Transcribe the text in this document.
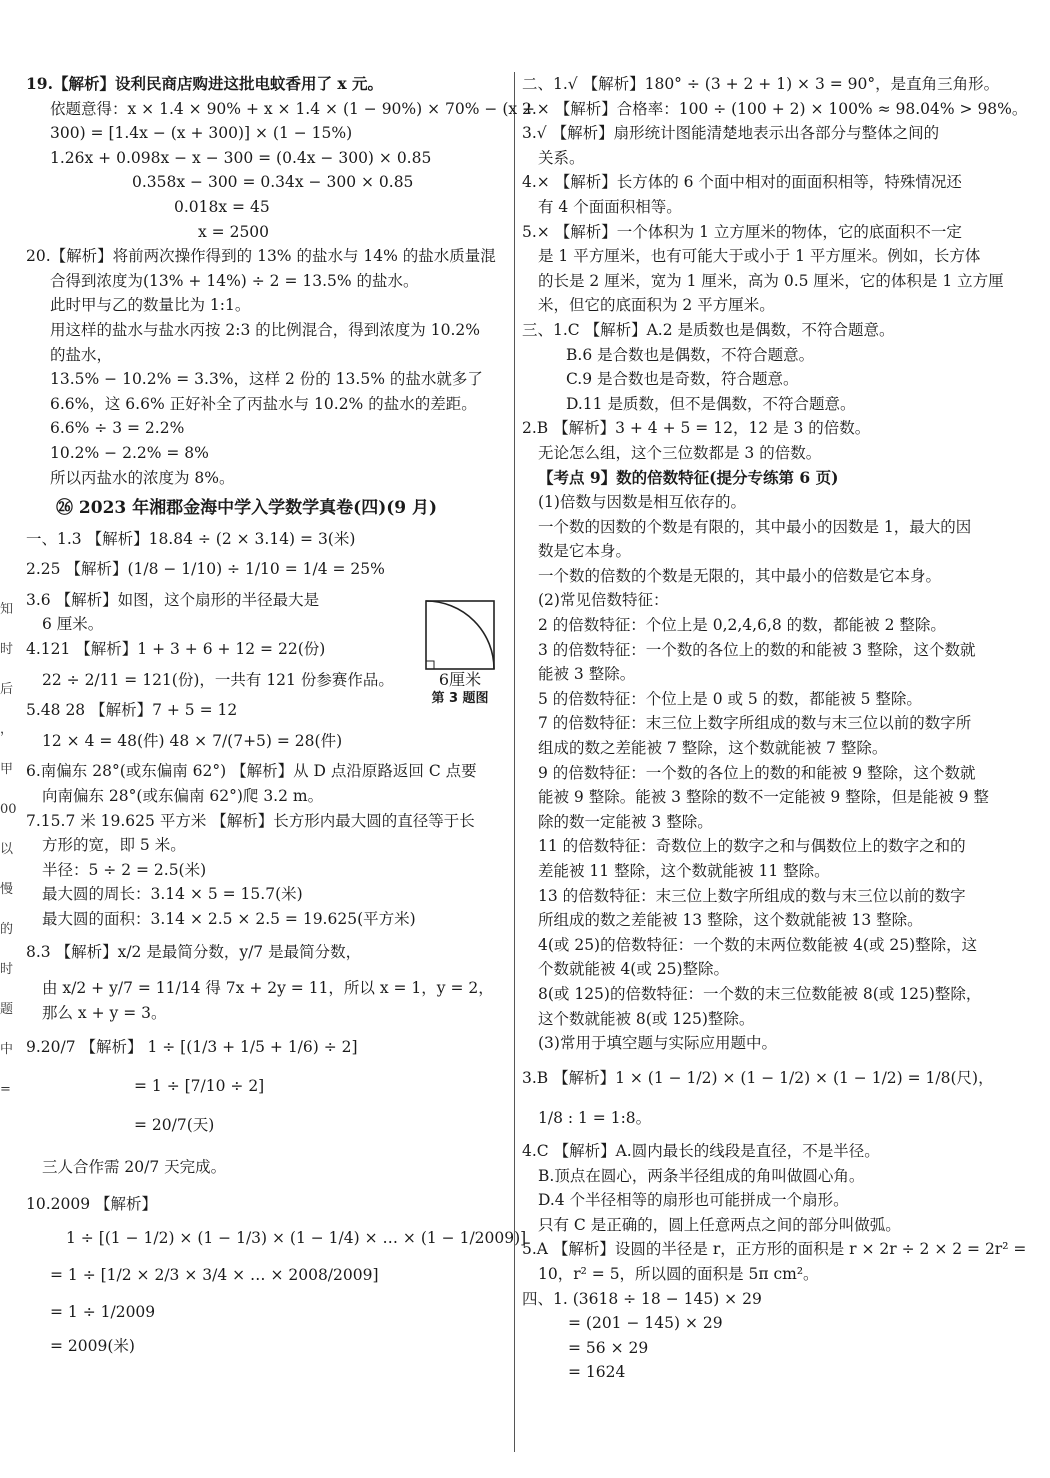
19.【解析】设利民商店购进这批电蚊香用了 x 元。
依题意得：x × 1.4 × 90% + x × 1.4 × (1 − 90%) × 70% − (x +
300) = [1.4x − (x + 300)] × (1 − 15%)
1.26x + 0.098x − x − 300 = (0.4x − 300) × 0.85
0.358x − 300 = 0.34x − 300 × 0.85
0.018x = 45
x = 2500
20.【解析】将前两次操作得到的 13% 的盐水与 14% 的盐水质量混
合得到浓度为(13% + 14%) ÷ 2 = 13.5% 的盐水。
此时甲与乙的数量比为 1:1。
用这样的盐水与盐水丙按 2:3 的比例混合，得到浓度为 10.2%
的盐水，
13.5% − 10.2% = 3.3%，这样 2 份的 13.5% 的盐水就多了
6.6%，这 6.6% 正好补全了丙盐水与 10.2% 的盐水的差距。
6.6% ÷ 3 = 2.2%
10.2% − 2.2% = 8%
所以丙盐水的浓度为 8%。
㉖ 2023 年湘郡金海中学入学数学真卷(四)(9 月)
一、1.3 【解析】18.84 ÷ (2 × 3.14) = 3(米)
2.25 【解析】(1/8 − 1/10) ÷ 1/10 = 1/4 = 25%
3.6 【解析】如图，这个扇形的半径最大是
6 厘米。
4.121 【解析】1 + 3 + 6 + 12 = 22(份)
22 ÷ 2/11 = 121(份)，一共有 121 份参赛作品。
5.48 28 【解析】7 + 5 = 12
12 × 4 = 48(件) 48 × 7/(7+5) = 28(件)
6.南偏东 28°(或东偏南 62°) 【解析】从 D 点沿原路返回 C 点要
向南偏东 28°(或东偏南 62°)爬 3.2 m。
7.15.7 米 19.625 平方米 【解析】长方形内最大圆的直径等于长
方形的宽，即 5 米。
半径：5 ÷ 2 = 2.5(米)
最大圆的周长：3.14 × 5 = 15.7(米)
最大圆的面积：3.14 × 2.5 × 2.5 = 19.625(平方米)
8.3 【解析】x/2 是最简分数，y/7 是最简分数，
由 x/2 + y/7 = 11/14 得 7x + 2y = 11，所以 x = 1，y = 2，
那么 x + y = 3。
9.20/7 【解析】 1 ÷ [(1/3 + 1/5 + 1/6) ÷ 2]
= 1 ÷ [7/10 ÷ 2]
= 20/7(天)
三人合作需 20/7 天完成。
10.2009 【解析】
1 ÷ [(1 − 1/2) × (1 − 1/3) × (1 − 1/4) × … × (1 − 1/2009)]
= 1 ÷ [1/2 × 2/3 × 3/4 × … × 2008/2009]
= 1 ÷ 1/2009
= 2009(米)
6厘米
第 3 题图
二、1.√ 【解析】180° ÷ (3 + 2 + 1) × 3 = 90°，是直角三角形。
2.× 【解析】合格率：100 ÷ (100 + 2) × 100% ≈ 98.04% > 98%。
3.√ 【解析】扇形统计图能清楚地表示出各部分与整体之间的
关系。
4.× 【解析】长方体的 6 个面中相对的面面积相等，特殊情况还
有 4 个面面积相等。
5.× 【解析】一个体积为 1 立方厘米的物体，它的底面积不一定
是 1 平方厘米，也有可能大于或小于 1 平方厘米。例如，长方体
的长是 2 厘米，宽为 1 厘米，高为 0.5 厘米，它的体积是 1 立方厘
米，但它的底面积为 2 平方厘米。
三、1.C 【解析】A.2 是质数也是偶数，不符合题意。
B.6 是合数也是偶数，不符合题意。
C.9 是合数也是奇数，符合题意。
D.11 是质数，但不是偶数，不符合题意。
2.B 【解析】3 + 4 + 5 = 12，12 是 3 的倍数。
无论怎么组，这个三位数都是 3 的倍数。
【考点 9】数的倍数特征(提分专练第 6 页)
(1)倍数与因数是相互依存的。
一个数的因数的个数是有限的，其中最小的因数是 1，最大的因
数是它本身。
一个数的倍数的个数是无限的，其中最小的倍数是它本身。
(2)常见倍数特征：
2 的倍数特征：个位上是 0,2,4,6,8 的数，都能被 2 整除。
3 的倍数特征：一个数的各位上的数的和能被 3 整除，这个数就
能被 3 整除。
5 的倍数特征：个位上是 0 或 5 的数，都能被 5 整除。
7 的倍数特征：末三位上数字所组成的数与末三位以前的数字所
组成的数之差能被 7 整除，这个数就能被 7 整除。
9 的倍数特征：一个数的各位上的数的和能被 9 整除，这个数就
能被 9 整除。能被 3 整除的数不一定能被 9 整除，但是能被 9 整
除的数一定能被 3 整除。
11 的倍数特征：奇数位上的数字之和与偶数位上的数字之和的
差能被 11 整除，这个数就能被 11 整除。
13 的倍数特征：末三位上数字所组成的数与末三位以前的数字
所组成的数之差能被 13 整除，这个数就能被 13 整除。
4(或 25)的倍数特征：一个数的末两位数能被 4(或 25)整除，这
个数就能被 4(或 25)整除。
8(或 125)的倍数特征：一个数的末三位数能被 8(或 125)整除，
这个数就能被 8(或 125)整除。
(3)常用于填空题与实际应用题中。
3.B 【解析】1 × (1 − 1/2) × (1 − 1/2) × (1 − 1/2) = 1/8(尺)，
1/8 : 1 = 1:8。
4.C 【解析】A.圆内最长的线段是直径，不是半径。
B.顶点在圆心，两条半径组成的角叫做圆心角。
D.4 个半径相等的扇形也可能拼成一个扇形。
只有 C 是正确的，圆上任意两点之间的部分叫做弧。
5.A 【解析】设圆的半径是 r，正方形的面积是 r × 2r ÷ 2 × 2 = 2r² =
10，r² = 5，所以圆的面积是 5π cm²。
四、1. (3618 ÷ 18 − 145) × 29
= (201 − 145) × 29
= 56 × 29
= 1624
知
时
后
，
甲
00
以
慢
的
时
题
中
=
